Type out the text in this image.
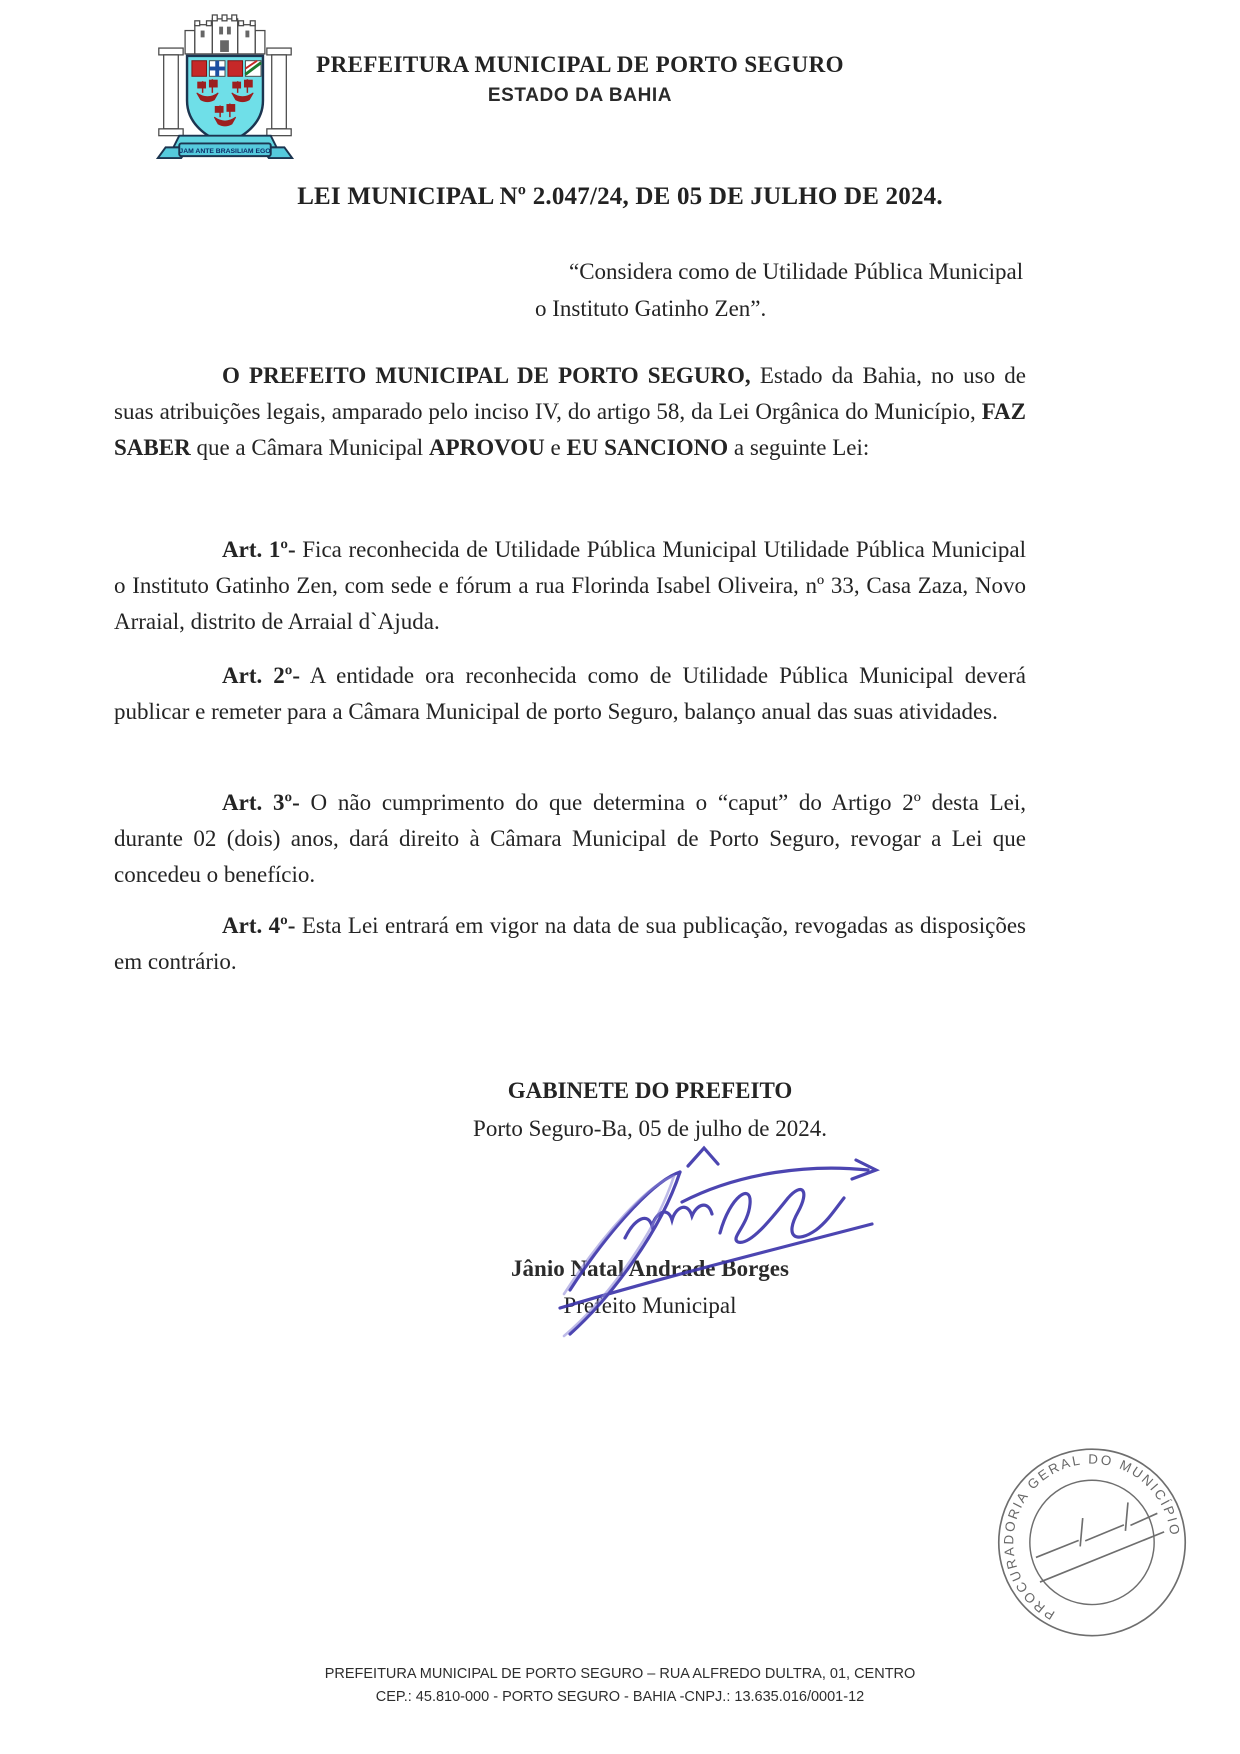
JAM ANTE BRASILIAM EGO
PREFEITURA MUNICIPAL DE PORTO SEGURO
ESTADO DA BAHIA
LEI MUNICIPAL Nº 2.047/24, DE 05 DE JULHO DE 2024.
“Considera como de Utilidade Pública Municipal
o Instituto Gatinho Zen”.

O PREFEITO MUNICIPAL DE PORTO SEGURO, Estado da Bahia, no uso de suas atribuições legais, amparado pelo inciso IV, do artigo 58, da Lei Orgânica do Município, FAZ SABER que a Câmara Municipal APROVOU e EU SANCIONO a seguinte Lei:

Art. 1º- Fica reconhecida de Utilidade Pública Municipal Utilidade Pública Municipal o Instituto Gatinho Zen, com sede e fórum a rua Florinda Isabel Oliveira, nº 33, Casa Zaza, Novo Arraial, distrito de Arraial d`Ajuda.

Art. 2º- A entidade ora reconhecida como de Utilidade Pública Municipal deverá publicar e remeter para a Câmara Municipal de porto Seguro, balanço anual das suas atividades.

Art. 3º- O não cumprimento do que determina o “caput” do Artigo 2º desta Lei, durante 02 (dois) anos, dará direito à Câmara Municipal de Porto Seguro, revogar a Lei que concedeu o benefício.

Art. 4º- Esta Lei entrará em vigor na data de sua publicação, revogadas as disposições em contrário.

GABINETE DO PREFEITO
Porto Seguro-Ba, 05 de julho de 2024.
Jânio Natal Andrade Borges
Prefeito Municipal
PROCURADORIA GERAL DO MUNICÍPIO
PREFEITURA MUNICIPAL DE PORTO SEGURO – RUA ALFREDO DULTRA, 01, CENTRO
CEP.: 45.810-000 - PORTO SEGURO - BAHIA -CNPJ.: 13.635.016/0001-12
